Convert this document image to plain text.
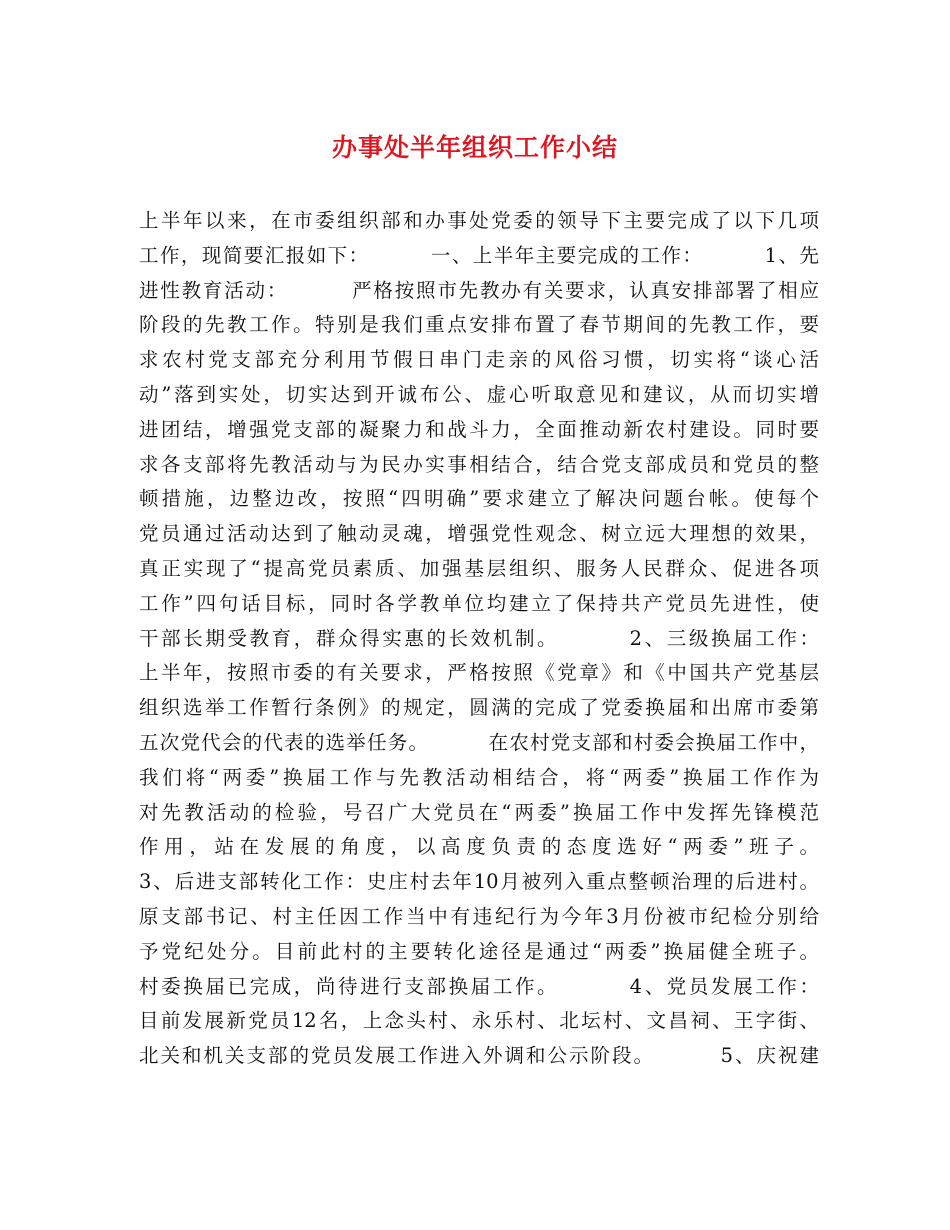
办事处半年组织工作小结
上半年以来，在市委组织部和办事处党委的领导下主要完成了以下几项
工作，现简要汇报如下：        一、上半年主要完成的工作：        1、先
进性教育活动：        严格按照市先教办有关要求，认真安排部署了相应
阶段的先教工作。特别是我们重点安排布置了春节期间的先教工作，要
求农村党支部充分利用节假日串门走亲的风俗习惯，切实将“谈心活
动”落到实处，切实达到开诚布公、虚心听取意见和建议，从而切实增
进团结，增强党支部的凝聚力和战斗力，全面推动新农村建设。同时要
求各支部将先教活动与为民办实事相结合，结合党支部成员和党员的整
顿措施，边整边改，按照“四明确”要求建立了解决问题台帐。使每个
党员通过活动达到了触动灵魂，增强党性观念、树立远大理想的效果，
真正实现了“提高党员素质、加强基层组织、服务人民群众、促进各项
工作”四句话目标，同时各学教单位均建立了保持共产党员先进性，使
干部长期受教育，群众得实惠的长效机制。        2、三级换届工作：
上半年，按照市委的有关要求，严格按照《党章》和《中国共产党基层
组织选举工作暂行条例》的规定，圆满的完成了党委换届和出席市委第
五次党代会的代表的选举任务。        在农村党支部和村委会换届工作中，
我们将“两委”换届工作与先教活动相结合，将“两委”换届工作作为
对先教活动的检验，号召广大党员在“两委”换届工作中发挥先锋模范
作用，站在发展的角度，以高度负责的态度选好“两委”班子。
3、后进支部转化工作：史庄村去年10月被列入重点整顿治理的后进村。
原支部书记、村主任因工作当中有违纪行为今年3月份被市纪检分别给
予党纪处分。目前此村的主要转化途径是通过“两委”换届健全班子。
村委换届已完成，尚待进行支部换届工作。        4、党员发展工作：
目前发展新党员12名，上念头村、永乐村、北坛村、文昌祠、王字街、
北关和机关支部的党员发展工作进入外调和公示阶段。        5、庆祝建
